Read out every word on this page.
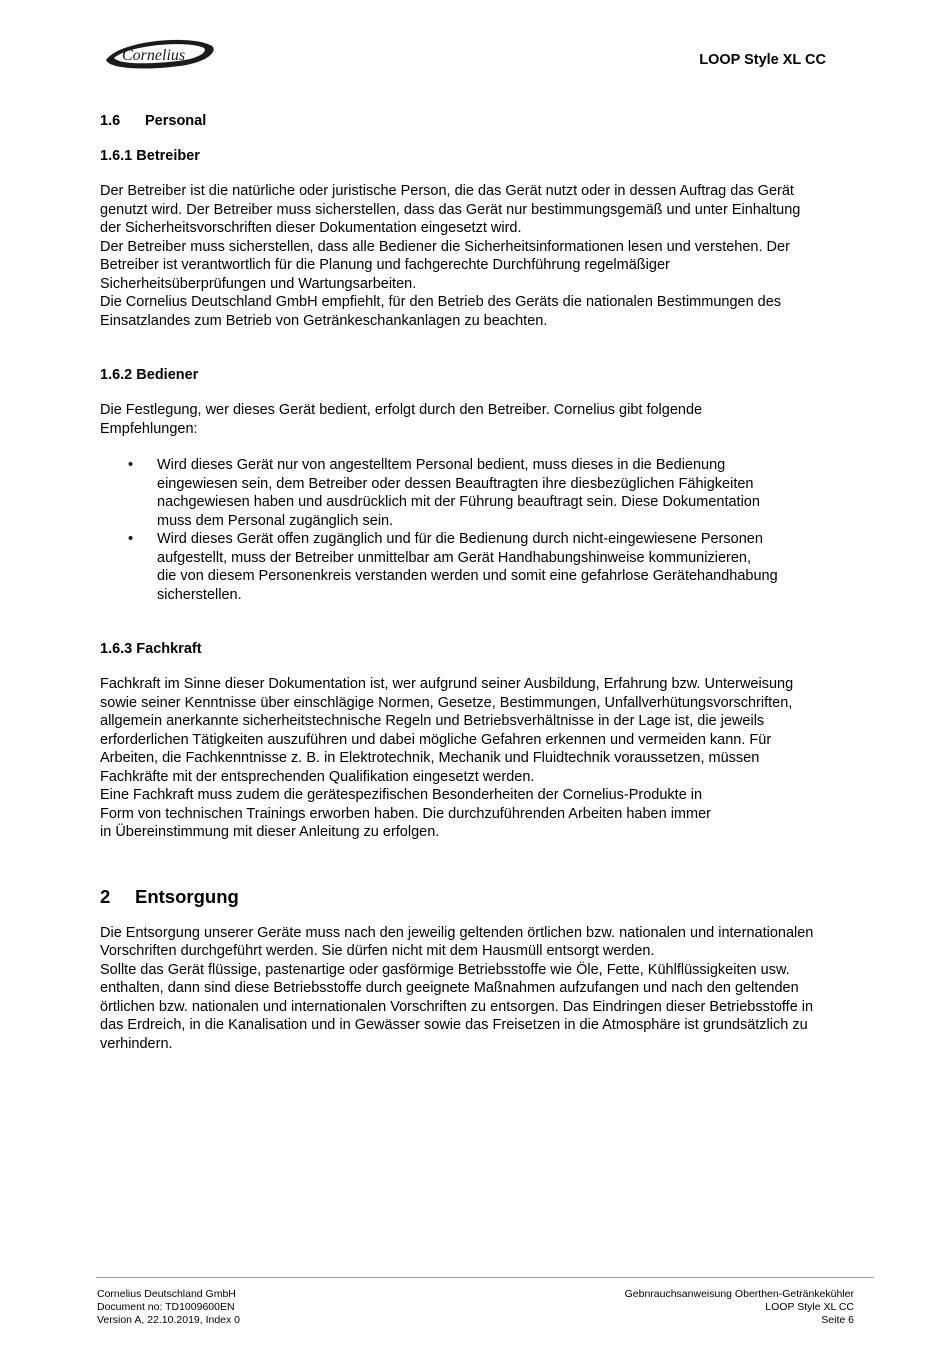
Cornelius	LOOP Style XL CC
1.6 Personal
1.6.1 Betreiber
Der Betreiber ist die natürliche oder juristische Person, die das Gerät nutzt oder in dessen Auftrag das Gerät
genutzt wird. Der Betreiber muss sicherstellen, dass das Gerät nur bestimmungsgemäß und unter Einhaltung
der Sicherheitsvorschriften dieser Dokumentation eingesetzt wird.
Der Betreiber muss sicherstellen, dass alle Bediener die Sicherheitsinformationen lesen und verstehen. Der
Betreiber ist verantwortlich für die Planung und fachgerechte Durchführung regelmäßiger
Sicherheitsüberprüfungen und Wartungsarbeiten.
Die Cornelius Deutschland GmbH empfiehlt, für den Betrieb des Geräts die nationalen Bestimmungen des
Einsatzlandes zum Betrieb von Getränkeschankanlagen zu beachten.
1.6.2 Bediener
Die Festlegung, wer dieses Gerät bedient, erfolgt durch den Betreiber. Cornelius gibt folgende
Empfehlungen:
• Wird dieses Gerät nur von angestelltem Personal bedient, muss dieses in die Bedienung
eingewiesen sein, dem Betreiber oder dessen Beauftragten ihre diesbezüglichen Fähigkeiten
nachgewiesen haben und ausdrücklich mit der Führung beauftragt sein. Diese Dokumentation
muss dem Personal zugänglich sein.
• Wird dieses Gerät offen zugänglich und für die Bedienung durch nicht-eingewiesene Personen
aufgestellt, muss der Betreiber unmittelbar am Gerät Handhabungshinweise kommunizieren,
die von diesem Personenkreis verstanden werden und somit eine gefahrlose Gerätehandhabung
sicherstellen.
1.6.3 Fachkraft
Fachkraft im Sinne dieser Dokumentation ist, wer aufgrund seiner Ausbildung, Erfahrung bzw. Unterweisung
sowie seiner Kenntnisse über einschlägige Normen, Gesetze, Bestimmungen, Unfallverhütungsvorschriften,
allgemein anerkannte sicherheitstechnische Regeln und Betriebsverhältnisse in der Lage ist, die jeweils
erforderlichen Tätigkeiten auszuführen und dabei mögliche Gefahren erkennen und vermeiden kann. Für
Arbeiten, die Fachkenntnisse z. B. in Elektrotechnik, Mechanik und Fluidtechnik voraussetzen, müssen
Fachkräfte mit der entsprechenden Qualifikation eingesetzt werden.
Eine Fachkraft muss zudem die gerätespezifischen Besonderheiten der Cornelius-Produkte in
Form von technischen Trainings erworben haben. Die durchzuführenden Arbeiten haben immer
in Übereinstimmung mit dieser Anleitung zu erfolgen.
2 Entsorgung
Die Entsorgung unserer Geräte muss nach den jeweilig geltenden örtlichen bzw. nationalen und internationalen
Vorschriften durchgeführt werden. Sie dürfen nicht mit dem Hausmüll entsorgt werden.
Sollte das Gerät flüssige, pastenartige oder gasförmige Betriebsstoffe wie Öle, Fette, Kühlflüssigkeiten usw.
enthalten, dann sind diese Betriebsstoffe durch geeignete Maßnahmen aufzufangen und nach den geltenden
örtlichen bzw. nationalen und internationalen Vorschriften zu entsorgen. Das Eindringen dieser Betriebsstoffe in
das Erdreich, in die Kanalisation und in Gewässer sowie das Freisetzen in die Atmosphäre ist grundsätzlich zu
verhindern.
Cornelius Deutschland GmbH
Document no: TD1009600EN
Version A, 22.10.2019, Index 0
Gebnrauchsanweisung Oberthen-Getränkekühler
LOOP Style XL CC
Seite 6
